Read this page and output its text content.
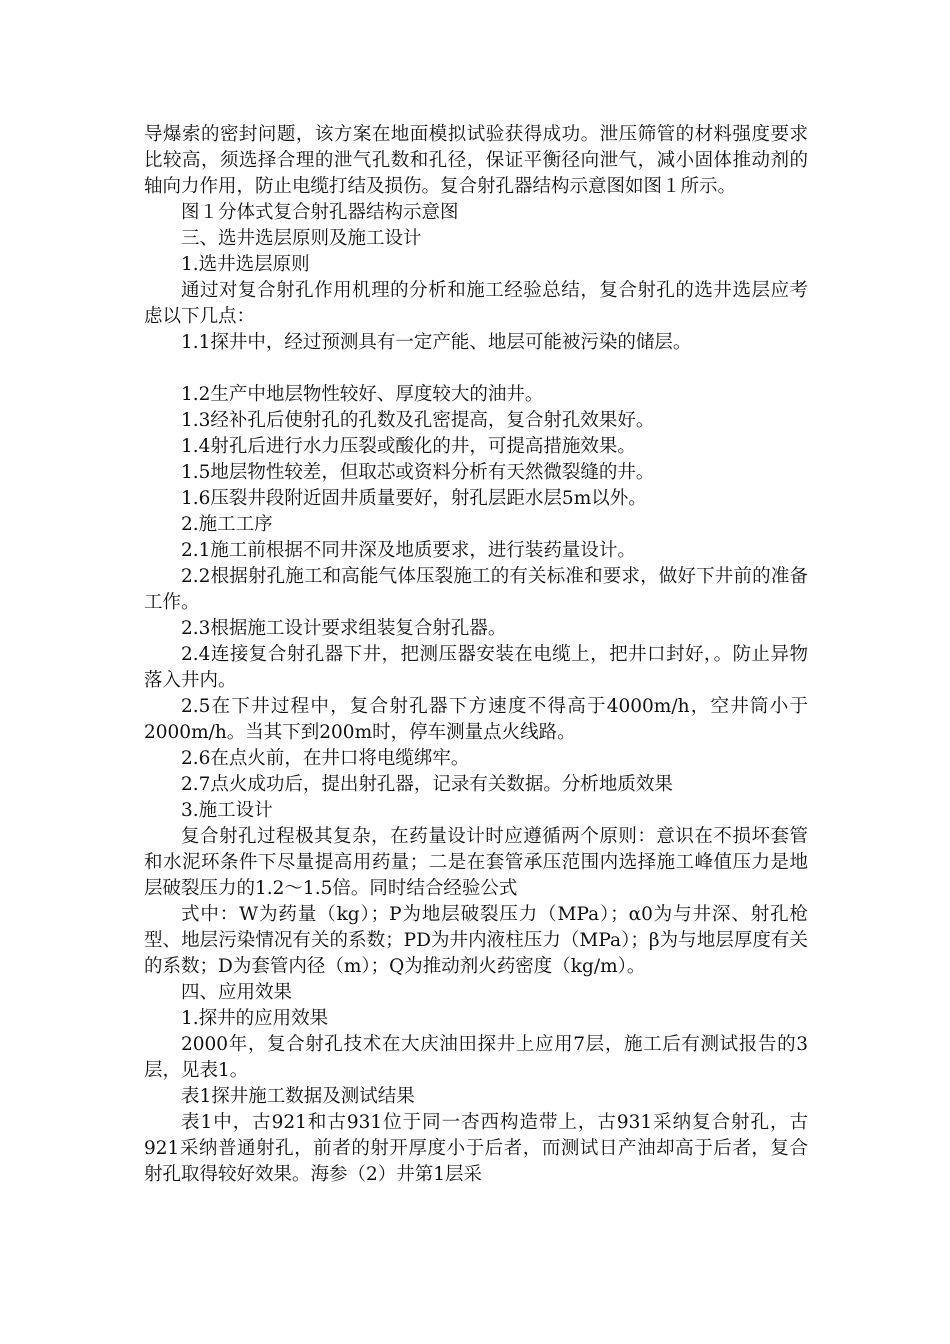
导爆索的密封问题，该方案在地面模拟试验获得成功。泄压筛管的材料强度要求比较高，须选择合理的泄气孔数和孔径，保证平衡径向泄气，减小固体推动剂的轴向力作用，防止电缆打结及损伤。复合射孔器结构示意图如图１所示。

图１分体式复合射孔器结构示意图

三、选井选层原则及施工设计

1.选井选层原则

通过对复合射孔作用机理的分析和施工经验总结，复合射孔的选井选层应考虑以下几点：

1.1探井中，经过预测具有一定产能、地层可能被污染的储层。

1.2生产中地层物性较好、厚度较大的油井。

1.3经补孔后使射孔的孔数及孔密提高，复合射孔效果好。

1.4射孔后进行水力压裂或酸化的井，可提高措施效果。

1.5地层物性较差，但取芯或资料分析有天然微裂缝的井。

1.6压裂井段附近固井质量要好，射孔层距水层5m以外。

2.施工工序

2.1施工前根据不同井深及地质要求，进行装药量设计。

2.2根据射孔施工和高能气体压裂施工的有关标准和要求，做好下井前的准备工作。

2.3根据施工设计要求组装复合射孔器。

2.4连接复合射孔器下井，把测压器安装在电缆上，把井口封好，。防止异物落入井内。

2.5在下井过程中，复合射孔器下方速度不得高于4000m/h，空井筒小于2000m/h。当其下到200m时，停车测量点火线路。

2.6在点火前，在井口将电缆绑牢。

2.7点火成功后，提出射孔器，记录有关数据。分析地质效果

3.施工设计

复合射孔过程极其复杂，在药量设计时应遵循两个原则：意识在不损坏套管和水泥环条件下尽量提高用药量；二是在套管承压范围内选择施工峰值压力是地层破裂压力的1.2～1.5倍。同时结合经验公式

式中：W为药量（kg）；P为地层破裂压力（MPa）；α0为与井深、射孔枪型、地层污染情况有关的系数；PD为井内液柱压力（MPa）；β为与地层厚度有关的系数；D为套管内径（m）；Q为推动剂火药密度（kg/m）。

四、应用效果

1.探井的应用效果

2000年，复合射孔技术在大庆油田探井上应用7层，施工后有测试报告的3层，见表1。

表1探井施工数据及测试结果

表1中，古921和古931位于同一杏西构造带上，古931采纳复合射孔，古921采纳普通射孔，前者的射开厚度小于后者，而测试日产油却高于后者，复合射孔取得较好效果。海参（2）井第1层采
